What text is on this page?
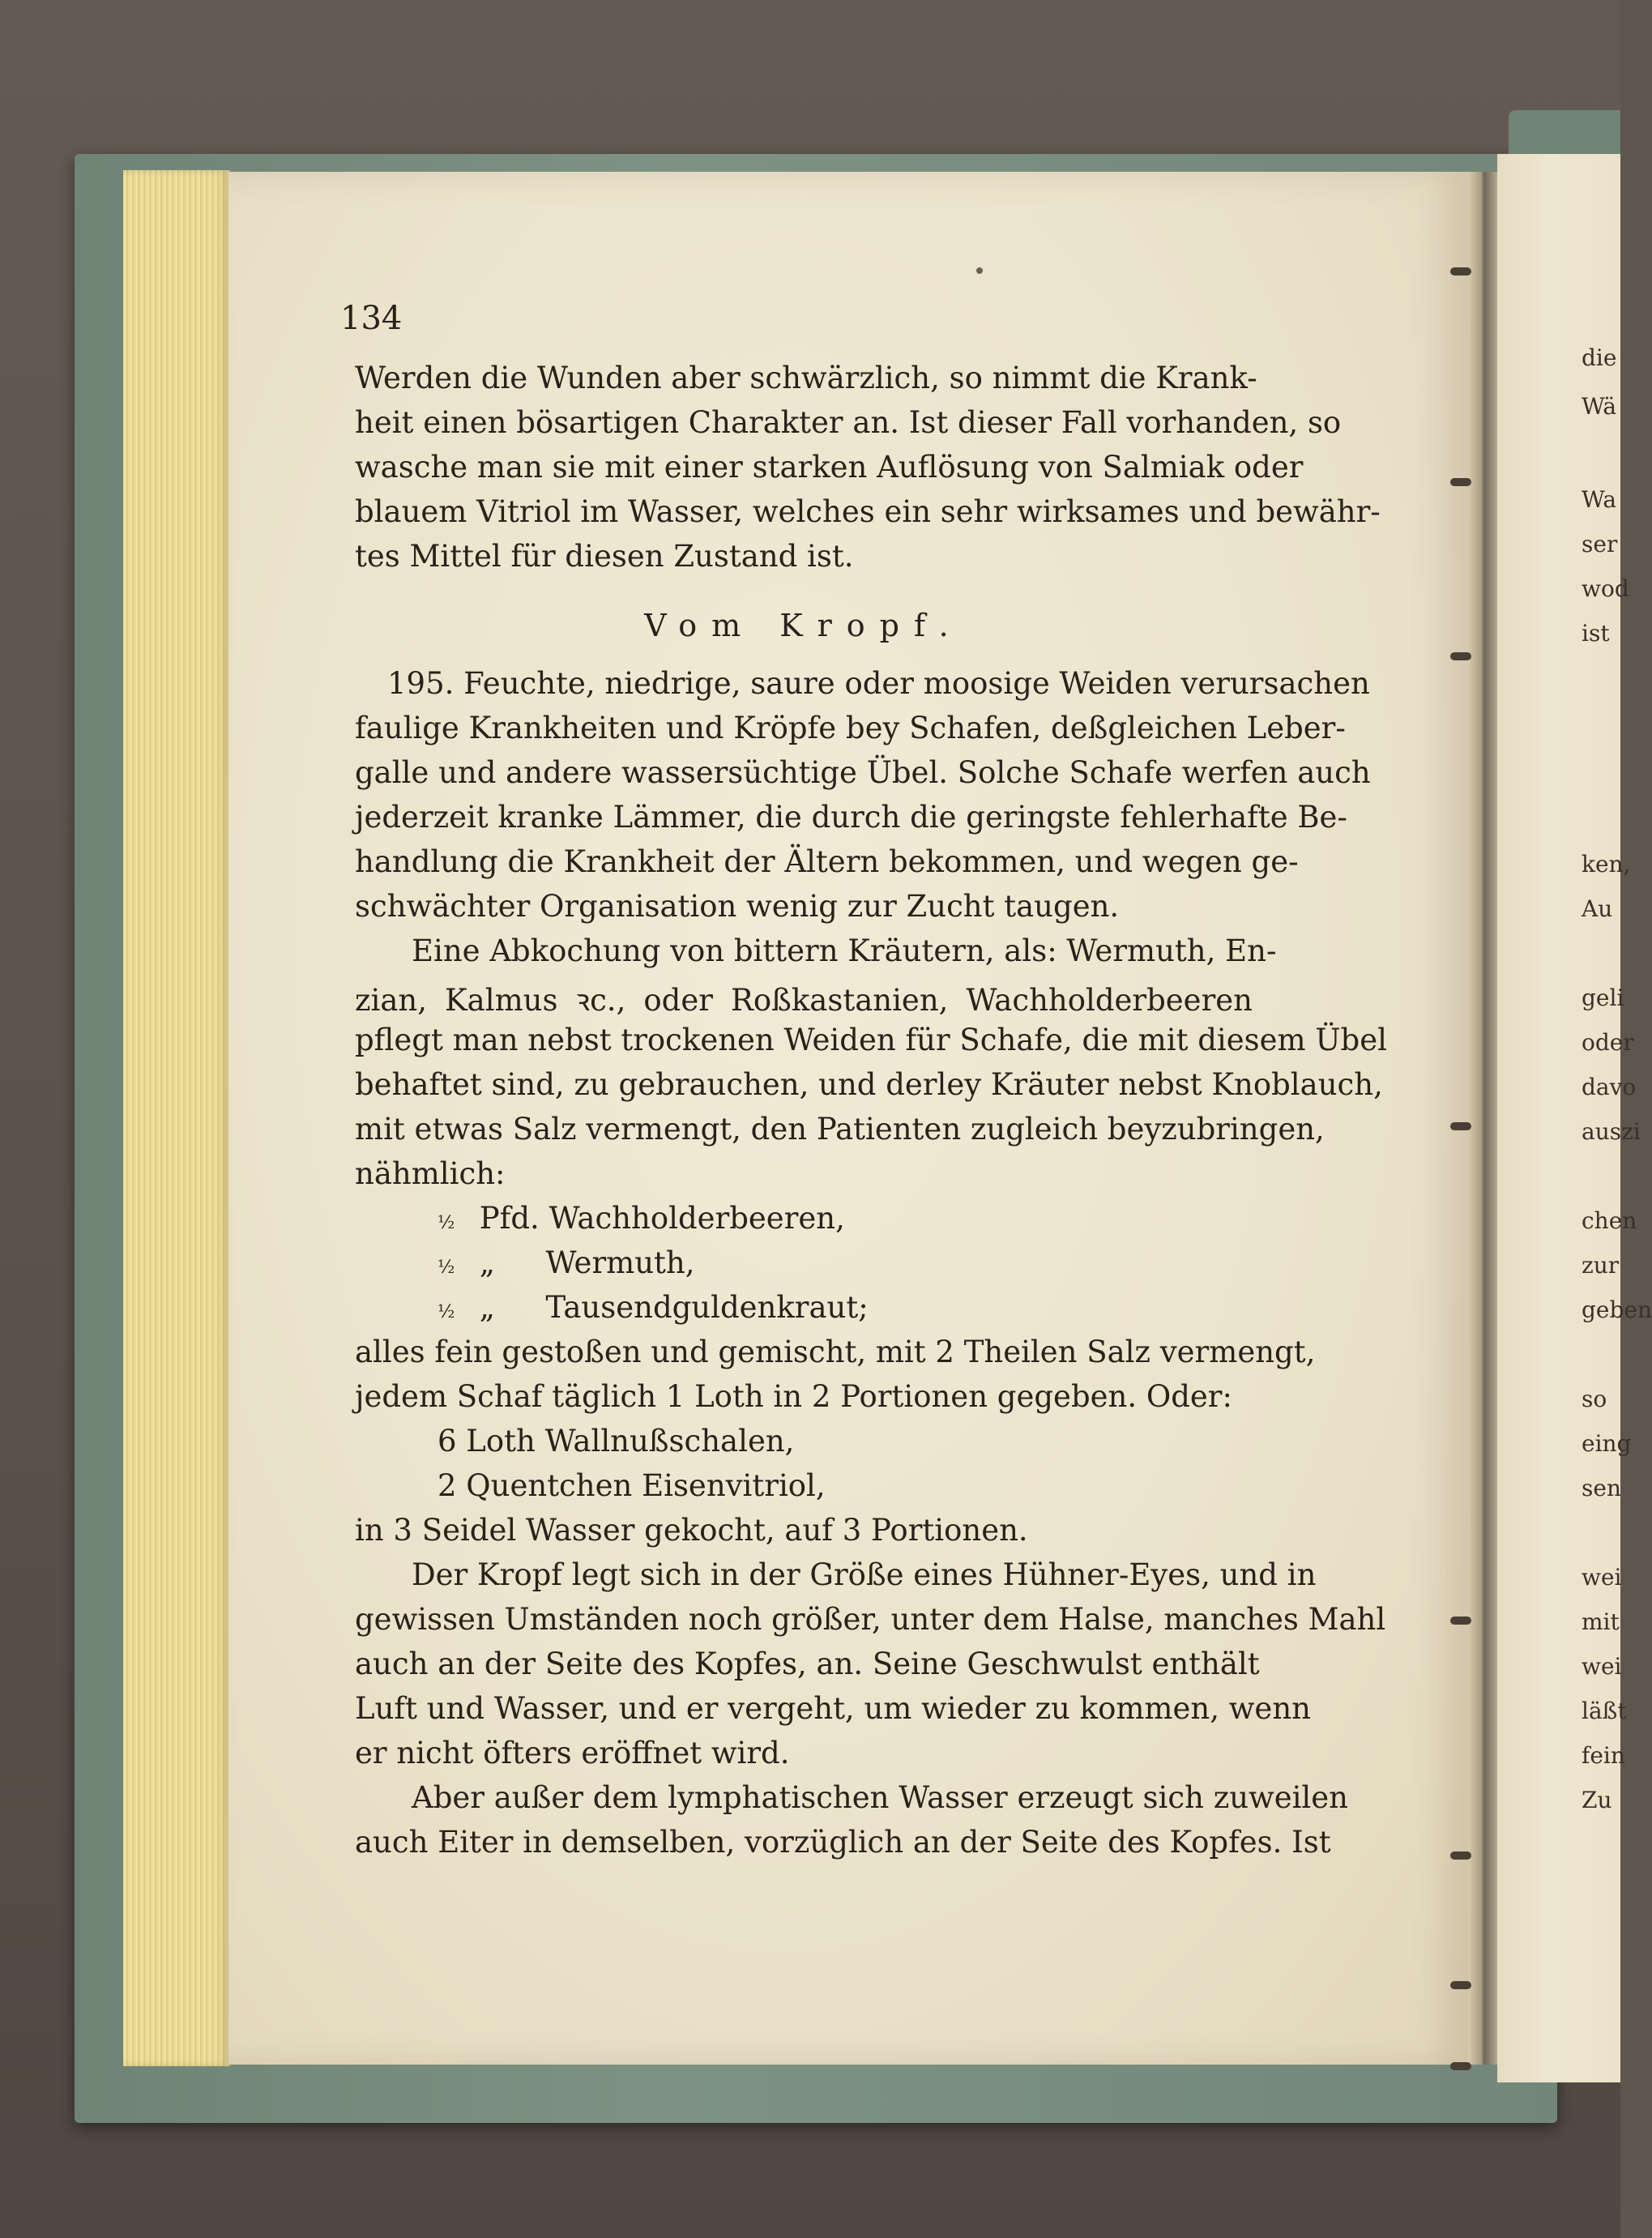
134
Werden die Wunden aber schwärzlich, so nimmt die Krank-
heit einen bösartigen Charakter an. Ist dieser Fall vorhanden, so
wasche man sie mit einer starken Auflösung von Salmiak oder
blauem Vitriol im Wasser, welches ein sehr wirksames und bewähr-
tes Mittel für diesen Zustand ist.
Vom Kropf.
195. Feuchte, niedrige, saure oder moosige Weiden verursachen
faulige Krankheiten und Kröpfe bey Schafen, deßgleichen Leber-
galle und andere wassersüchtige Übel. Solche Schafe werfen auch
jederzeit kranke Lämmer, die durch die geringste fehlerhafte Be-
handlung die Krankheit der Ältern bekommen, und wegen ge-
schwächter Organisation wenig zur Zucht taugen.
Eine Abkochung von bittern Kräutern, als: Wermuth, En-
zian, Kalmus ꝛc., oder Roßkastanien, Wachholderbeeren
pflegt man nebst trockenen Weiden für Schafe, die mit diesem Übel
behaftet sind, zu gebrauchen, und derley Kräuter nebst Knoblauch,
mit etwas Salz vermengt, den Patienten zugleich beyzubringen,
nähmlich:
½ Pfd. Wachholderbeeren,
½ „ Wermuth,
½ „ Tausendguldenkraut;
alles fein gestoßen und gemischt, mit 2 Theilen Salz vermengt,
jedem Schaf täglich 1 Loth in 2 Portionen gegeben. Oder:
6 Loth Wallnußschalen,
2 Quentchen Eisenvitriol,
in 3 Seidel Wasser gekocht, auf 3 Portionen.
Der Kropf legt sich in der Größe eines Hühner-Eyes, und in
gewissen Umständen noch größer, unter dem Halse, manches Mahl
auch an der Seite des Kopfes, an. Seine Geschwulst enthält
Luft und Wasser, und er vergeht, um wieder zu kommen, wenn
er nicht öfters eröffnet wird.
Aber außer dem lymphatischen Wasser erzeugt sich zuweilen
auch Eiter in demselben, vorzüglich an der Seite des Kopfes. Ist
die
Wä
Wa
ser
wod
ist
ken,
Au
geli
oder
davo
auszi
chen
zur
geben
so
eing
sen
wei
mit
wei
läßt
fein
Zu
